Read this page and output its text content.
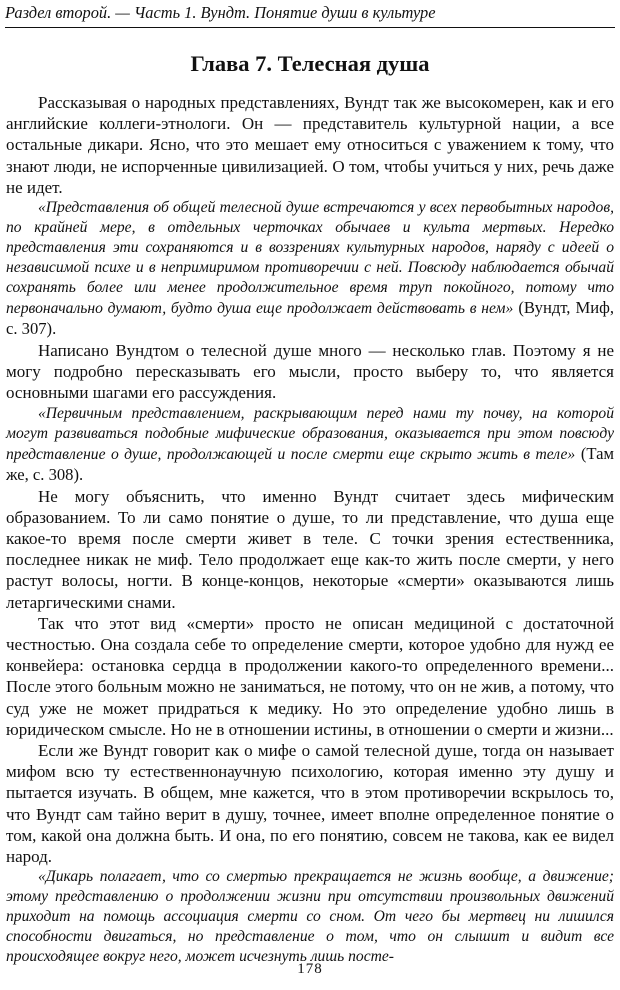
Раздел второй. — Часть 1. Вундт. Понятие души в культуре
Глава 7. Телесная душа

Рассказывая о народных представлениях, Вундт так же высокомерен, как и его английские коллеги-этнологи. Он — представитель культурной нации, а все остальные дикари. Ясно, что это мешает ему относиться с уважением к тому, что знают люди, не испорченные цивилизацией. О том, чтобы учиться у них, речь даже не идет.

«Представления об общей телесной душе встречаются у всех первобытных народов, по крайней мере, в отдельных черточках обычаев и культа мертвых. Нередко представления эти сохраняются и в воззрениях культурных народов, наряду с идеей о независимой психе и в непримиримом противоречии с ней. Повсюду наблюдается обычай сохранять более или менее продолжительное время труп покойного, потому что первоначально думают, будто душа еще продолжает действовать в нем» (Вундт, Миф, с. 307).

Написано Вундтом о телесной душе много — несколько глав. Поэтому я не могу подробно пересказывать его мысли, просто выберу то, что является основными шагами его рассуждения.

«Первичным представлением, раскрывающим перед нами ту почву, на которой могут развиваться подобные мифические образования, оказывается при этом повсюду представление о душе, продолжающей и после смерти еще скрыто жить в теле» (Там же, с. 308).

Не могу объяснить, что именно Вундт считает здесь мифическим образованием. То ли само понятие о душе, то ли представление, что душа еще какое-то время после смерти живет в теле. С точки зрения естественника, последнее никак не миф. Тело продолжает еще как-то жить после смерти, у него растут волосы, ногти. В конце-концов, некоторые «смерти» оказываются лишь летаргическими снами.

Так что этот вид «смерти» просто не описан медициной с достаточной честностью. Она создала себе то определение смерти, которое удобно для нужд ее конвейера: остановка сердца в продолжении какого-то определенного времени... После этого больным можно не заниматься, не потому, что он не жив, а потому, что суд уже не может придраться к медику. Но это определение удобно лишь в юридическом смысле. Но не в отношении истины, в отношении о смерти и жизни...

Если же Вундт говорит как о мифе о самой телесной душе, тогда он называет мифом всю ту естественнонаучную психологию, которая именно эту душу и пытается изучать. В общем, мне кажется, что в этом противоречии вскрылось то, что Вундт сам тайно верит в душу, точнее, имеет вполне определенное понятие о том, какой она должна быть. И она, по его понятию, совсем не такова, как ее видел народ.

«Дикарь полагает, что со смертью прекращается не жизнь вообще, а движение; этому представлению о продолжении жизни при отсутствии произвольных движений приходит на помощь ассоциация смерти со сном. От чего бы мертвец ни лишился способности двигаться, но представление о том, что он слышит и видит все происходящее вокруг него, может исчезнуть лишь посте-

178
